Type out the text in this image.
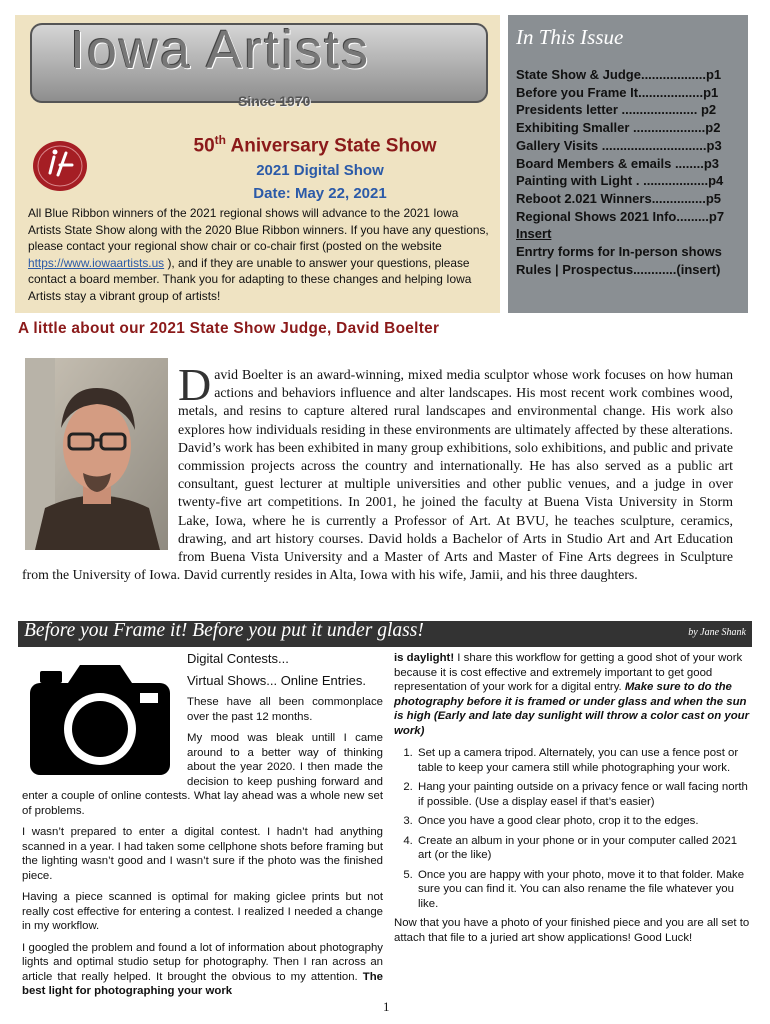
Iowa Artists
Since 1970
50th Aniversary State Show
2021 Digital Show
Date: May 22, 2021
All Blue Ribbon winners of the 2021 regional shows will advance to the 2021 Iowa Artists State Show along with the 2020 Blue Ribbon winners. If you have any questions, please contact your regional show chair or co-chair first (posted on the website https://www.iowaartists.us ), and if they are unable to answer your questions, please contact a board member. Thank you for adapting to these changes and helping Iowa Artists stay a vibrant group of artists!
In This Issue
State Show & Judge..................p1
Before you Frame It..................p1
Presidents letter ..................... p2
Exhibiting Smaller ....................p2
Gallery Visits .............................p3
Board Members & emails ........p3
Painting with Light . ..................p4
Reboot 2.021 Winners...............p5
Regional Shows 2021 Info.........p7
Insert
Enrtry forms for In-person shows
Rules | Prospectus............(insert)
A little about our 2021 State Show Judge, David Boelter
D avid Boelter is an award-winning, mixed media sculptor whose work focuses on how human actions and behaviors influence and alter landscapes. His most recent work combines wood, metals, and resins to capture altered rural landscapes and environmental change. His work also explores how individuals residing in these environments are ultimately affected by these alterations. David’s work has been exhibited in many group exhibitions, solo exhibitions, and public and private commission projects across the country and internationally. He has also served as a public art consultant, guest lecturer at multiple universities and other public venues, and a judge in over twenty-five art competitions. In 2001, he joined the faculty at Buena Vista University in Storm Lake, Iowa, where he is currently a Professor of Art. At BVU, he teaches sculpture, ceramics, drawing, and art history courses. David holds a Bachelor of Arts in Studio Art and Art Education from Buena Vista University and a Master of Arts and Master of Fine Arts degrees in Sculpture from the University of Iowa. David currently resides in Alta, Iowa with his wife, Jamii, and his three daughters.
Before you Frame it! Before you put it under glass!	by Jane Shank

Digital Contests...

Virtual Shows... Online Entries.

These have all been commonplace over the past 12 months.

My mood was bleak untill I came around to a better way of thinking about the year 2020. I then made the decision to keep pushing forward and enter a couple of online contests. What lay ahead was a whole new set of problems.

I wasn’t prepared to enter a digital contest. I hadn’t had anything scanned in a year. I had taken some cellphone shots before framing but the lighting wasn’t good and I wasn’t sure if the photo was the finished piece.

Having a piece scanned is optimal for making giclee prints but not really cost effective for entering a contest. I realized I needed a change in my workflow.

I googled the problem and found a lot of information about photography lights and optimal studio setup for photography. Then I ran across an article that really helped. It brought the obvious to my attention. The best light for photographing your work

is daylight! I share this workflow for getting a good shot of your work because it is cost effective and extremely important to get good representation of your work for a digital entry. Make sure to do the photography before it is framed or under glass and when the sun is high (Early and late day sunlight will throw a color cast on your work)

1. Set up a camera tripod. Alternately, you can use a fence post or table to keep your camera still while photographing your work.
2. Hang your painting outside on a privacy fence or wall facing north if possible. (Use a display easel if that’s easier)
3. Once you have a good clear photo, crop it to the edges.
4. Create an album in your phone or in your computer called 2021 art (or the like)
5. Once you are happy with your photo, move it to that folder. Make sure you can find it. You can also rename the file whatever you like.

Now that you have a photo of your finished piece and you are all set to attach that file to a juried art show applications! Good Luck!

1
